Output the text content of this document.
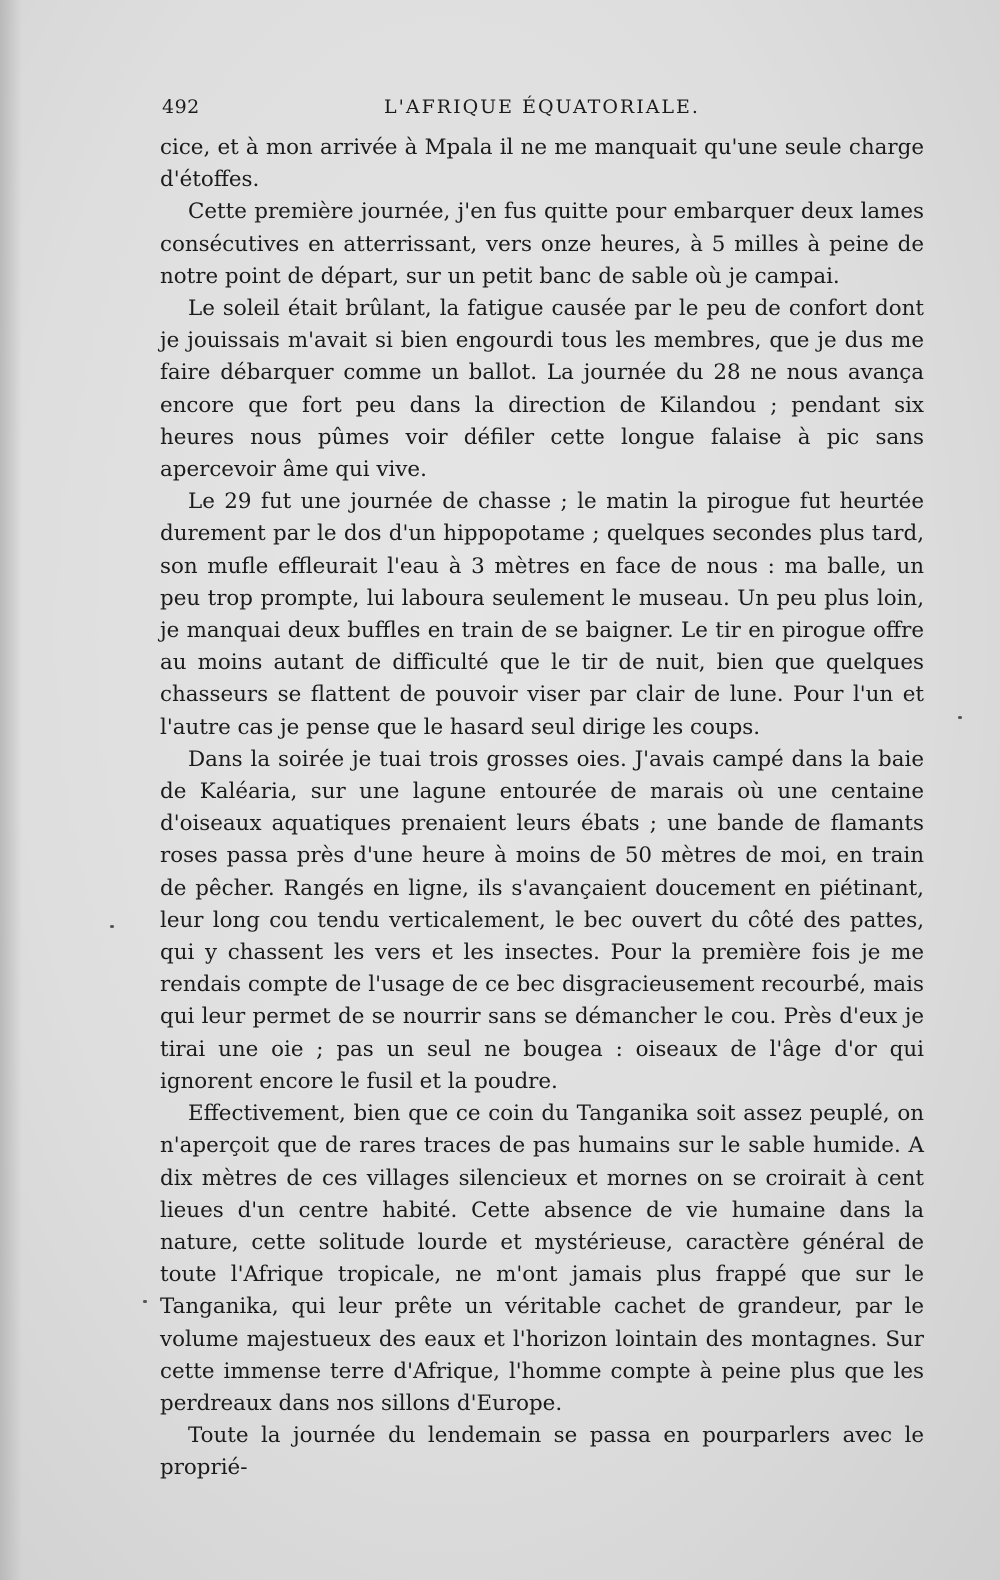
492	L'AFRIQUE ÉQUATORIALE.

cice, et à mon arrivée à Mpala il ne me manquait qu'une seule charge d'étoffes.

Cette première journée, j'en fus quitte pour embarquer deux lames consécutives en atterrissant, vers onze heures, à 5 milles à peine de notre point de départ, sur un petit banc de sable où je campai.

Le soleil était brûlant, la fatigue causée par le peu de confort dont je jouissais m'avait si bien engourdi tous les membres, que je dus me faire débarquer comme un ballot. La journée du 28 ne nous avança encore que fort peu dans la direction de Kilandou ; pendant six heures nous pûmes voir défiler cette longue falaise à pic sans apercevoir âme qui vive.

Le 29 fut une journée de chasse ; le matin la pirogue fut heurtée durement par le dos d'un hippopotame ; quelques secondes plus tard, son mufle effleurait l'eau à 3 mètres en face de nous : ma balle, un peu trop prompte, lui laboura seulement le museau. Un peu plus loin, je manquai deux buffles en train de se baigner. Le tir en pirogue offre au moins autant de difficulté que le tir de nuit, bien que quelques chasseurs se flattent de pouvoir viser par clair de lune. Pour l'un et l'autre cas je pense que le hasard seul dirige les coups.

Dans la soirée je tuai trois grosses oies. J'avais campé dans la baie de Kaléaria, sur une lagune entourée de marais où une centaine d'oiseaux aquatiques prenaient leurs ébats ; une bande de flamants roses passa près d'une heure à moins de 50 mètres de moi, en train de pêcher. Rangés en ligne, ils s'avançaient doucement en piétinant, leur long cou tendu verticalement, le bec ouvert du côté des pattes, qui y chassent les vers et les insectes. Pour la première fois je me rendais compte de l'usage de ce bec disgracieusement recourbé, mais qui leur permet de se nourrir sans se démancher le cou. Près d'eux je tirai une oie ; pas un seul ne bougea : oiseaux de l'âge d'or qui ignorent encore le fusil et la poudre.

Effectivement, bien que ce coin du Tanganika soit assez peuplé, on n'aperçoit que de rares traces de pas humains sur le sable humide. A dix mètres de ces villages silencieux et mornes on se croirait à cent lieues d'un centre habité. Cette absence de vie humaine dans la nature, cette solitude lourde et mystérieuse, caractère général de toute l'Afrique tropicale, ne m'ont jamais plus frappé que sur le Tanganika, qui leur prête un véritable cachet de grandeur, par le volume majestueux des eaux et l'horizon lointain des montagnes. Sur cette immense terre d'Afrique, l'homme compte à peine plus que les perdreaux dans nos sillons d'Europe.

Toute la journée du lendemain se passa en pourparlers avec le proprié-
